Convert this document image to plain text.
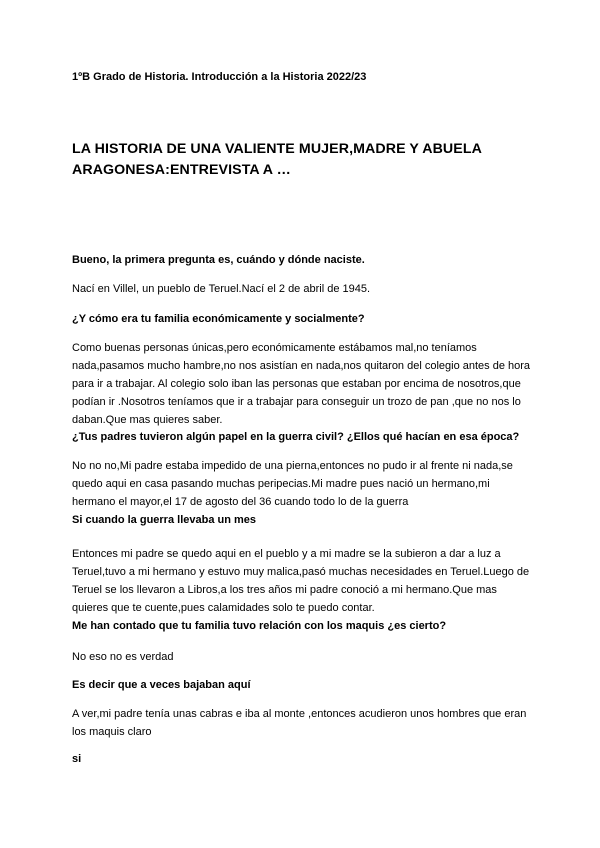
1ºB Grado de Historia. Introducción a la Historia 2022/23
LA HISTORIA DE UNA VALIENTE MUJER,MADRE Y ABUELA ARAGONESA:ENTREVISTA A …
Bueno, la primera pregunta es, cuándo y dónde naciste.
Nací en Villel, un pueblo de Teruel.Nací el 2 de abril de 1945.
¿Y cómo era tu familia económicamente y socialmente?
Como buenas personas únicas,pero económicamente estábamos mal,no teníamos nada,pasamos mucho hambre,no nos asistían en nada,nos quitaron del colegio antes de hora para ir a trabajar. Al colegio solo iban las personas que estaban por encima de nosotros,que podían ir .Nosotros teníamos que ir a trabajar para conseguir un trozo de pan ,que no nos lo daban.Que mas quieres saber.
¿Tus padres tuvieron algún papel en la guerra civil? ¿Ellos qué hacían en esa época?
No no no,Mi padre estaba impedido de una pierna,entonces no pudo ir al frente ni nada,se quedo aqui en casa pasando muchas peripecias.Mi madre pues nació un hermano,mi hermano el mayor,el 17 de agosto del 36 cuando todo lo de la guerra
Si cuando la guerra llevaba un mes
Entonces mi padre se quedo aqui en el pueblo y a mi madre se la subieron a dar a luz a Teruel,tuvo a mi hermano y estuvo muy malica,pasó muchas necesidades en Teruel.Luego de Teruel se los llevaron a Libros,a los tres años mi padre conoció a mi hermano.Que mas quieres que te cuente,pues calamidades solo te puedo contar.
Me han contado que tu familia tuvo relación con los maquis ¿es cierto?
No eso no es verdad
Es decir que a veces bajaban aquí
A ver,mi padre tenía unas cabras e iba al monte ,entonces acudieron unos hombres que eran los maquis claro
si
